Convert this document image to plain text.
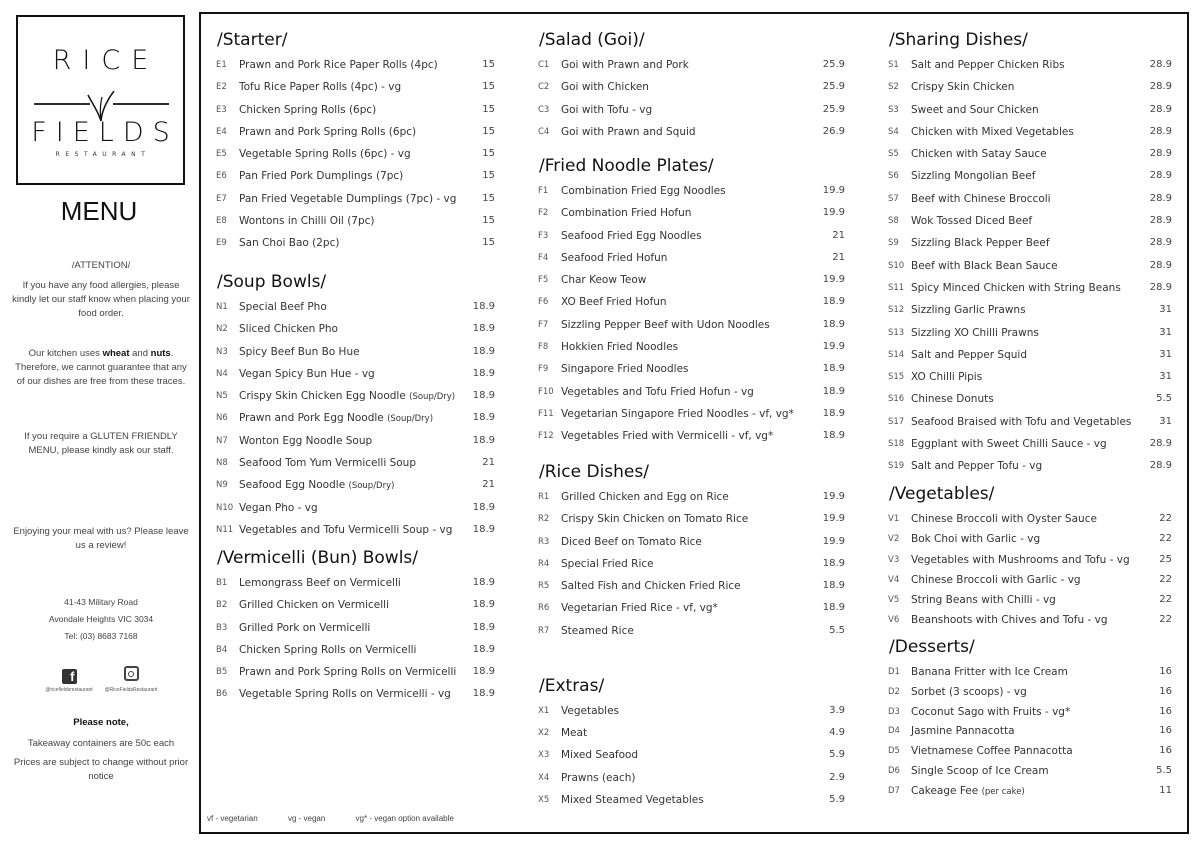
RICE
FIELDS
RESTAURANT
MENU
/ATTENTION/
If you have any food allergies, please kindly let our staff know when placing your food order.
Our kitchen uses wheat and nuts. Therefore, we cannot guarantee that any of our dishes are free from these traces.
If you require a GLUTEN FRIENDLY MENU, please kindly ask our staff.
Enjoying your meal with us? Please leave us a review!
41-43 Military Road
Avondale Heights VIC 3034
Tel: (03) 8683 7168
f
@ricefieldsrestaurant	@RiceFieldsRestaurant
Please note,
Takeaway containers are 50c each
Prices are subject to change without prior notice
/Starter/
E1 Prawn and Pork Rice Paper Rolls (4pc)	15
E2 Tofu Rice Paper Rolls (4pc) - vg	15
E3 Chicken Spring Rolls (6pc)	15
E4 Prawn and Pork Spring Rolls (6pc)	15
E5 Vegetable Spring Rolls (6pc) - vg	15
E6 Pan Fried Pork Dumplings (7pc)	15
E7 Pan Fried Vegetable Dumplings (7pc) - vg	15
E8 Wontons in Chilli Oil (7pc)	15
E9 San Choi Bao (2pc)	15
/Soup Bowls/
N1 Special Beef Pho	18.9
N2 Sliced Chicken Pho	18.9
N3 Spicy Beef Bun Bo Hue	18.9
N4 Vegan Spicy Bun Hue - vg	18.9
N5 Crispy Skin Chicken Egg Noodle (Soup/Dry) 18.9
N6 Prawn and Pork Egg Noodle (Soup/Dry)	18.9
N7 Wonton Egg Noodle Soup	18.9
N8 Seafood Tom Yum Vermicelli Soup	21
N9 Seafood Egg Noodle (Soup/Dry)	21
N10 Vegan Pho - vg	18.9
N11 Vegetables and Tofu Vermicelli Soup - vg 18.9
/Vermicelli (Bun) Bowls/
B1 Lemongrass Beef on Vermicelli	18.9
B2 Grilled Chicken on Vermicelli	18.9
B3 Grilled Pork on Vermicelli	18.9
B4 Chicken Spring Rolls on Vermicelli	18.9
B5 Prawn and Pork Spring Rolls on Vermicelli 18.9
B6 Vegetable Spring Rolls on Vermicelli - vg 18.9
/Salad (Goi)/
C1 Goi with Prawn and Pork	25.9
C2 Goi with Chicken	25.9
C3 Goi with Tofu - vg	25.9
C4 Goi with Prawn and Squid	26.9
/Fried Noodle Plates/
F1 Combination Fried Egg Noodles	19.9
F2 Combination Fried Hofun	19.9
F3 Seafood Fried Egg Noodles	21
F4 Seafood Fried Hofun	21
F5 Char Keow Teow	19.9
F6 XO Beef Fried Hofun	18.9
F7 Sizzling Pepper Beef with Udon Noodles	18.9
F8 Hokkien Fried Noodles	19.9
F9 Singapore Fried Noodles	18.9
F10 Vegetables and Tofu Fried Hofun - vg	18.9
F11 Vegetarian Singapore Fried Noodles - vf, vg*	18.9
F12 Vegetables Fried with Vermicelli - vf, vg*	18.9
/Rice Dishes/
R1 Grilled Chicken and Egg on Rice	19.9
R2 Crispy Skin Chicken on Tomato Rice	19.9
R3 Diced Beef on Tomato Rice	19.9
R4 Special Fried Rice	18.9
R5 Salted Fish and Chicken Fried Rice	18.9
R6 Vegetarian Fried Rice - vf, vg*	18.9
R7 Steamed Rice	5.5
/Extras/
X1 Vegetables	3.9
X2 Meat	4.9
X3 Mixed Seafood	5.9
X4 Prawns (each)	2.9
X5 Mixed Steamed Vegetables	5.9
/Sharing Dishes/
S1 Salt and Pepper Chicken Ribs	28.9
S2 Crispy Skin Chicken	28.9
S3 Sweet and Sour Chicken	28.9
S4 Chicken with Mixed Vegetables	28.9
S5 Chicken with Satay Sauce	28.9
S6 Sizzling Mongolian Beef	28.9
S7 Beef with Chinese Broccoli	28.9
S8 Wok Tossed Diced Beef	28.9
S9 Sizzling Black Pepper Beef	28.9
S10 Beef with Black Bean Sauce	28.9
S11 Spicy Minced Chicken with String Beans	28.9
S12 Sizzling Garlic Prawns	31
S13 Sizzling XO Chilli Prawns	31
S14 Salt and Pepper Squid	31
S15 XO Chilli Pipis	31
S16 Chinese Donuts	5.5
S17 Seafood Braised with Tofu and Vegetables	31
S18 Eggplant with Sweet Chilli Sauce - vg	28.9
S19 Salt and Pepper Tofu - vg	28.9
/Vegetables/
V1 Chinese Broccoli with Oyster Sauce	22
V2 Bok Choi with Garlic - vg	22
V3 Vegetables with Mushrooms and Tofu - vg	25
V4 Chinese Broccoli with Garlic - vg	22
V5 String Beans with Chilli - vg	22
V6 Beanshoots with Chives and Tofu - vg	22
/Desserts/
D1 Banana Fritter with Ice Cream	16
D2 Sorbet (3 scoops) - vg	16
D3 Coconut Sago with Fruits - vg*	16
D4 Jasmine Pannacotta	16
D5 Vietnamese Coffee Pannacotta	16
D6 Single Scoop of Ice Cream	5.5
D7 Cakeage Fee (per cake)	11
vf - vegetarian	vg - vegan	vg* - vegan option available
